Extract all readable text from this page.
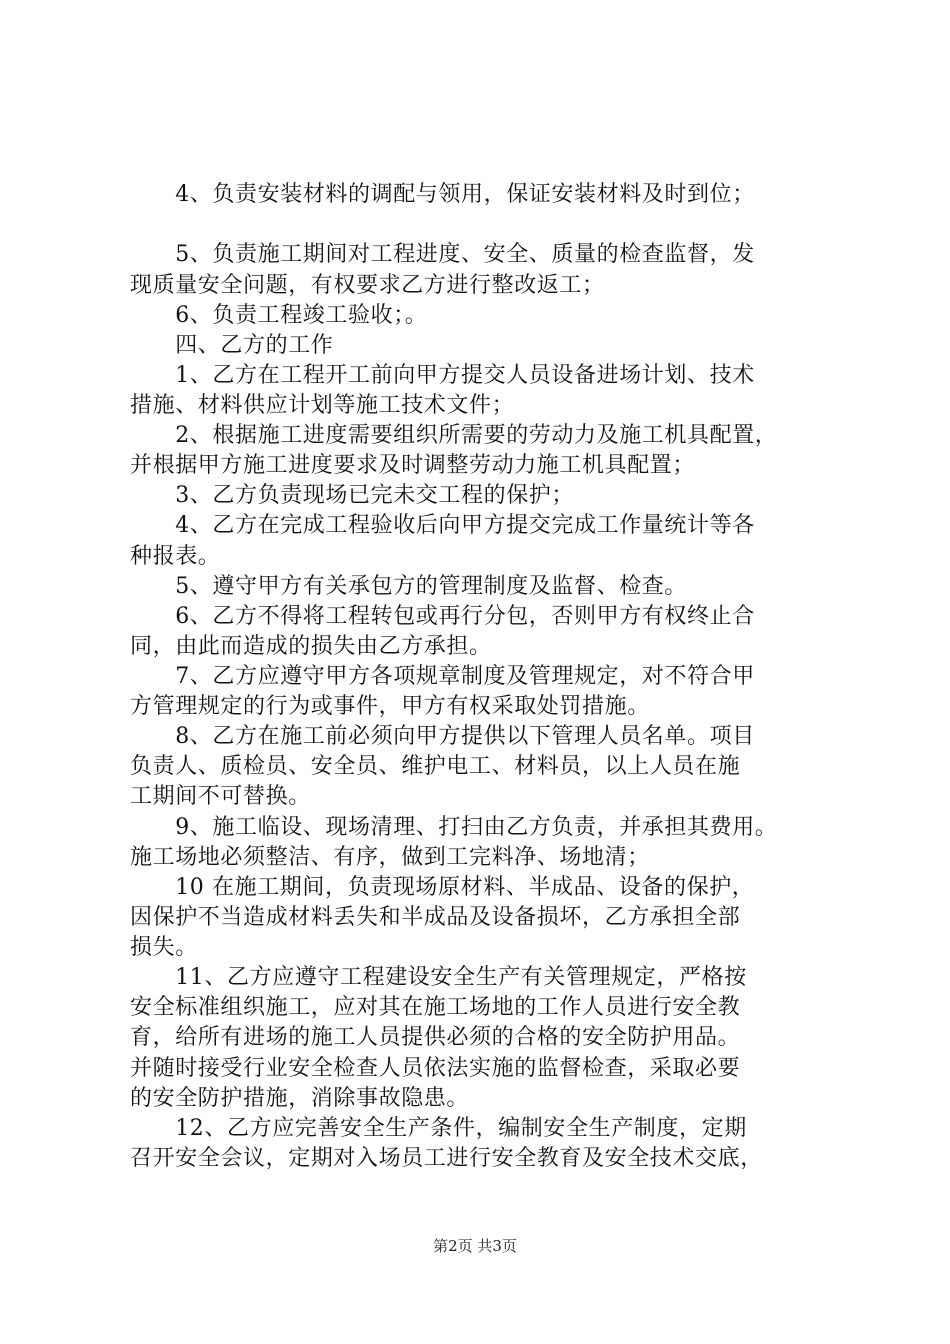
　　4、负责安装材料的调配与领用，保证安装材料及时到位；
　　5、负责施工期间对工程进度、安全、质量的检查监督，发
现质量安全问题，有权要求乙方进行整改返工；
　　6、负责工程竣工验收；。
　　四、乙方的工作
　　1、乙方在工程开工前向甲方提交人员设备进场计划、技术
措施、材料供应计划等施工技术文件；
　　2、根据施工进度需要组织所需要的劳动力及施工机具配置，
并根据甲方施工进度要求及时调整劳动力施工机具配置；
　　3、乙方负责现场已完未交工程的保护；
　　4、乙方在完成工程验收后向甲方提交完成工作量统计等各
种报表。
　　5、遵守甲方有关承包方的管理制度及监督、检查。
　　6、乙方不得将工程转包或再行分包，否则甲方有权终止合
同，由此而造成的损失由乙方承担。
　　7、乙方应遵守甲方各项规章制度及管理规定，对不符合甲
方管理规定的行为或事件，甲方有权采取处罚措施。
　　8、乙方在施工前必须向甲方提供以下管理人员名单。项目
负责人、质检员、安全员、维护电工、材料员，以上人员在施
工期间不可替换。
　　9、施工临设、现场清理、打扫由乙方负责，并承担其费用。
施工场地必须整洁、有序，做到工完料净、场地清；
　　10 在施工期间，负责现场原材料、半成品、设备的保护，
因保护不当造成材料丢失和半成品及设备损坏，乙方承担全部
损失。
　　11、乙方应遵守工程建设安全生产有关管理规定，严格按
安全标准组织施工，应对其在施工场地的工作人员进行安全教
育，给所有进场的施工人员提供必须的合格的安全防护用品。
并随时接受行业安全检查人员依法实施的监督检查，采取必要
的安全防护措施，消除事故隐患。
　　12、乙方应完善安全生产条件，编制安全生产制度，定期
召开安全会议，定期对入场员工进行安全教育及安全技术交底，
第2页 共3页
